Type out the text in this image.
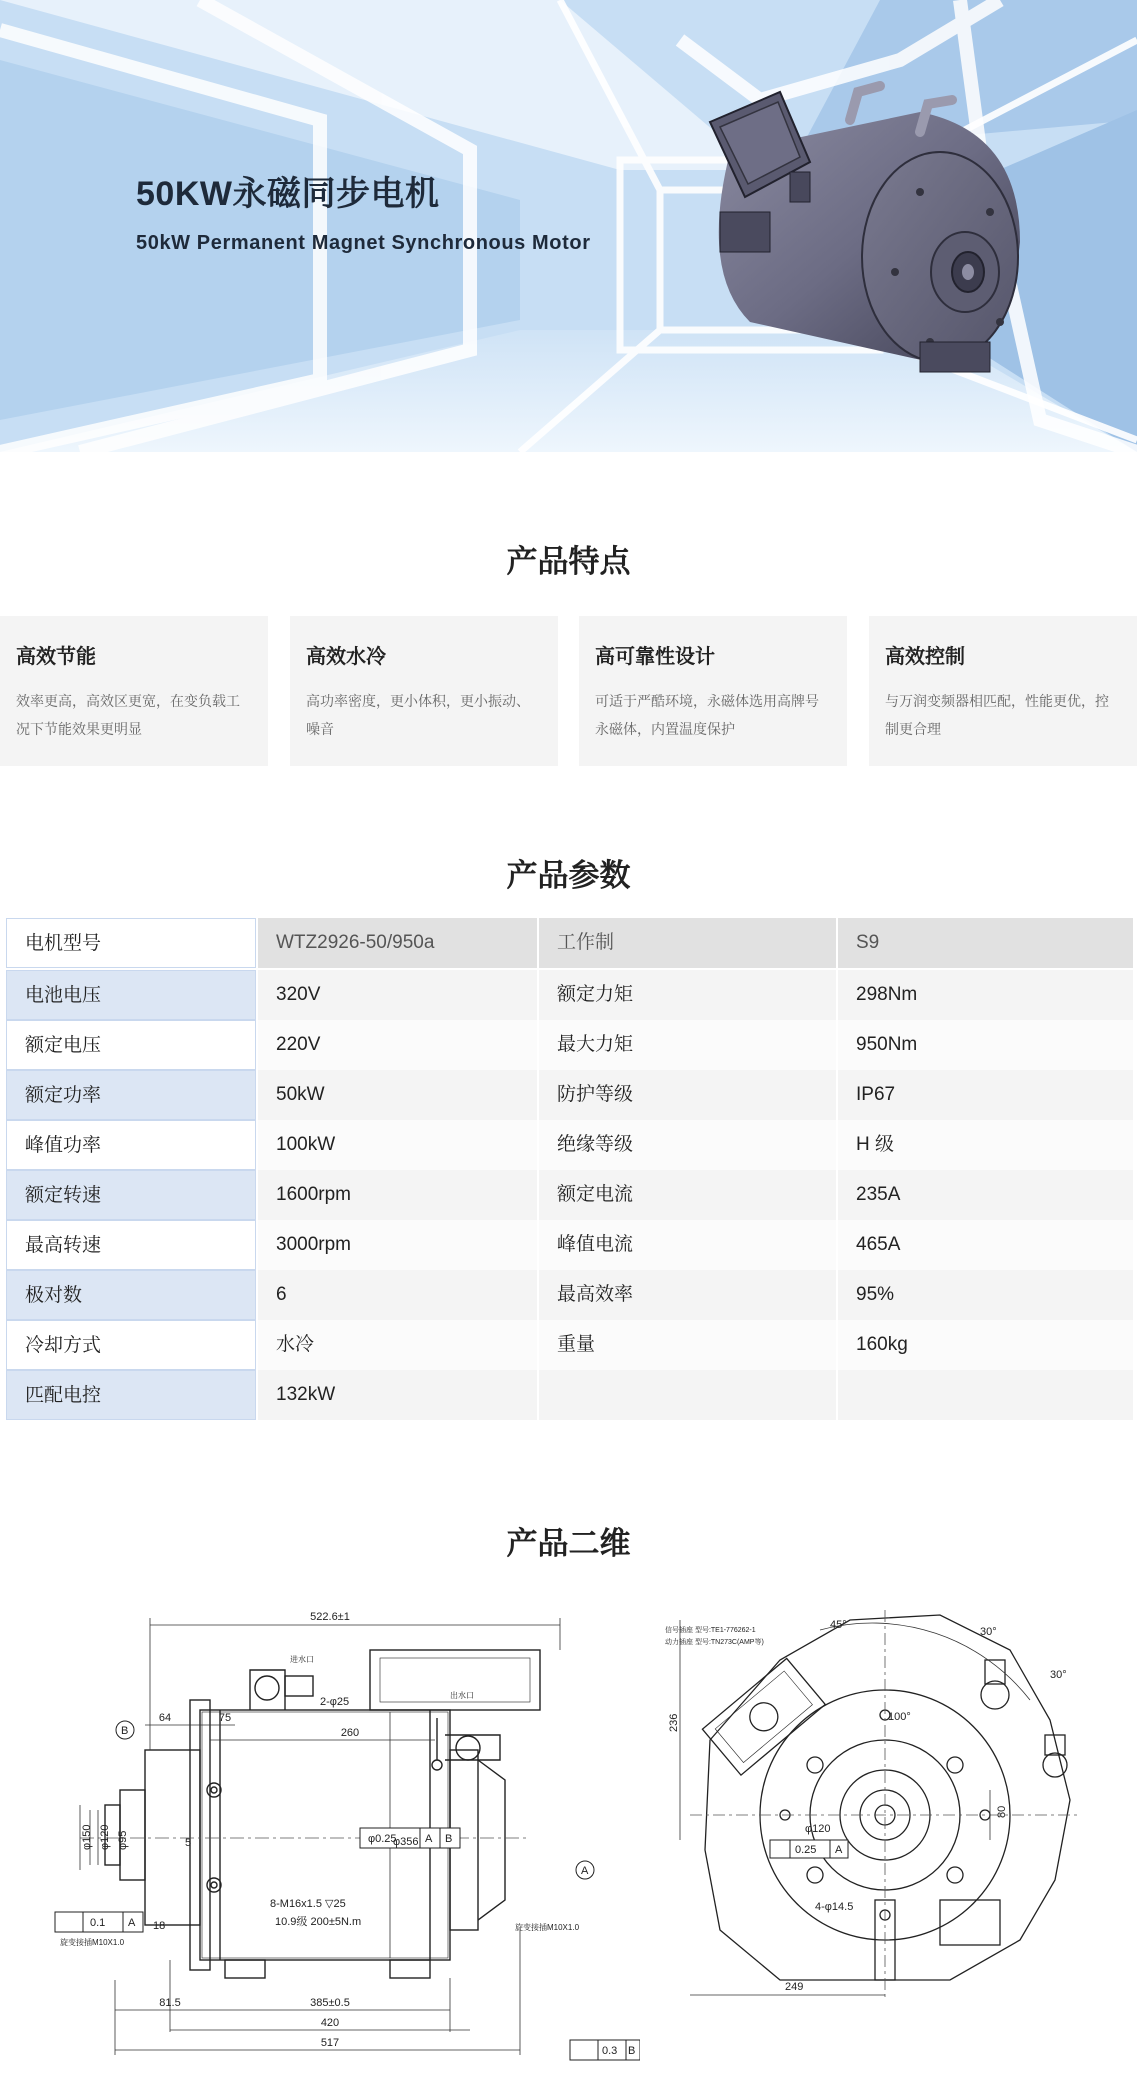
50KW永磁同步电机
50kW Permanent Magnet Synchronous Motor
产品特点
高效节能

效率更高，高效区更宽，在变负载工况下节能效果更明显

高效水冷

高功率密度，更小体积，更小振动、噪音

高可靠性设计

可适于严酷环境，永磁体选用高牌号永磁体，内置温度保护

高效控制

与万润变频器相匹配，性能更优，控制更合理

产品参数
电机型号	WTZ2926-50/950a	工作制	S9
电池电压	320V	额定力矩	298Nm
额定电压	220V	最大力矩	950Nm
额定功率	50kW	防护等级	IP67
峰值功率	100kW	绝缘等级	H 级
额定转速	1600rpm	额定电流	235A
最高转速	3000rpm	峰值电流	465A
极对数	6	最高效率	95%
冷却方式	水冷	重量	160kg
匹配电控	132kW
产品二维
522.6±1
64	75
260
2-φ25
φ356
8-M16x1.5 ▽25
10.9级 200±5N.m
φ0.25	A B
B
A
0.1 A
φ150 φ120 φ95
18
5
81.5	385±0.5
420
517
0.3 B
旋变接插M10X1.0
旋变接插M10X1.0
进水口
出水口
45°
30°
30°
236	100°
φ120
0.25 A
4-φ14.5
80
249
信号插座 型号:TE1-776262-1
动力插座 型号:TN273C(AMP等)
